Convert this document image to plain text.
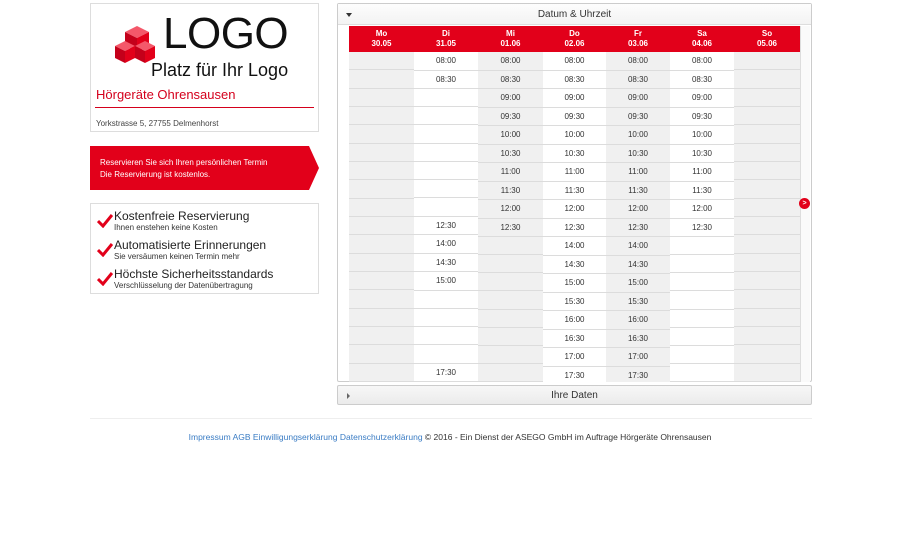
LOGO
Platz für Ihr Logo
Hörgeräte Ohrensausen
Yorkstrasse 5, 27755 Delmenhorst
Reservieren Sie sich Ihren persönlichen Termin
Die Reservierung ist kostenlos.
Kostenfreie Reservierung
Ihnen enstehen keine Kosten
Automatisierte Erinnerungen
Sie versäumen keinen Termin mehr
Höchste Sicherheitsstandards
Verschlüsselung der Datenübertragung
Datum & Uhrzeit
Mo
30.05
Di
31.05
Mi
01.06
Do
02.06
Fr
03.06
Sa
04.06
So
05.06
08:00
08:30
12:30
14:00
14:30
15:00
17:30
08:00
08:30
09:00
09:30
10:00
10:30
11:00
11:30
12:00
12:30
08:00
08:30
09:00
09:30
10:00
10:30
11:00
11:30
12:00
12:30
14:00
14:30
15:00
15:30
16:00
16:30
17:00
17:30
08:00
08:30
09:00
09:30
10:00
10:30
11:00
11:30
12:00
12:30
14:00
14:30
15:00
15:30
16:00
16:30
17:00
17:30
08:00
08:30
09:00
09:30
10:00
10:30
11:00
11:30
12:00
12:30
>
Ihre Daten
Impressum AGB Einwilligungserklärung Datenschutzerklärung © 2016 - Ein Dienst der ASEGO GmbH im Auftrage Hörgeräte Ohrensausen
